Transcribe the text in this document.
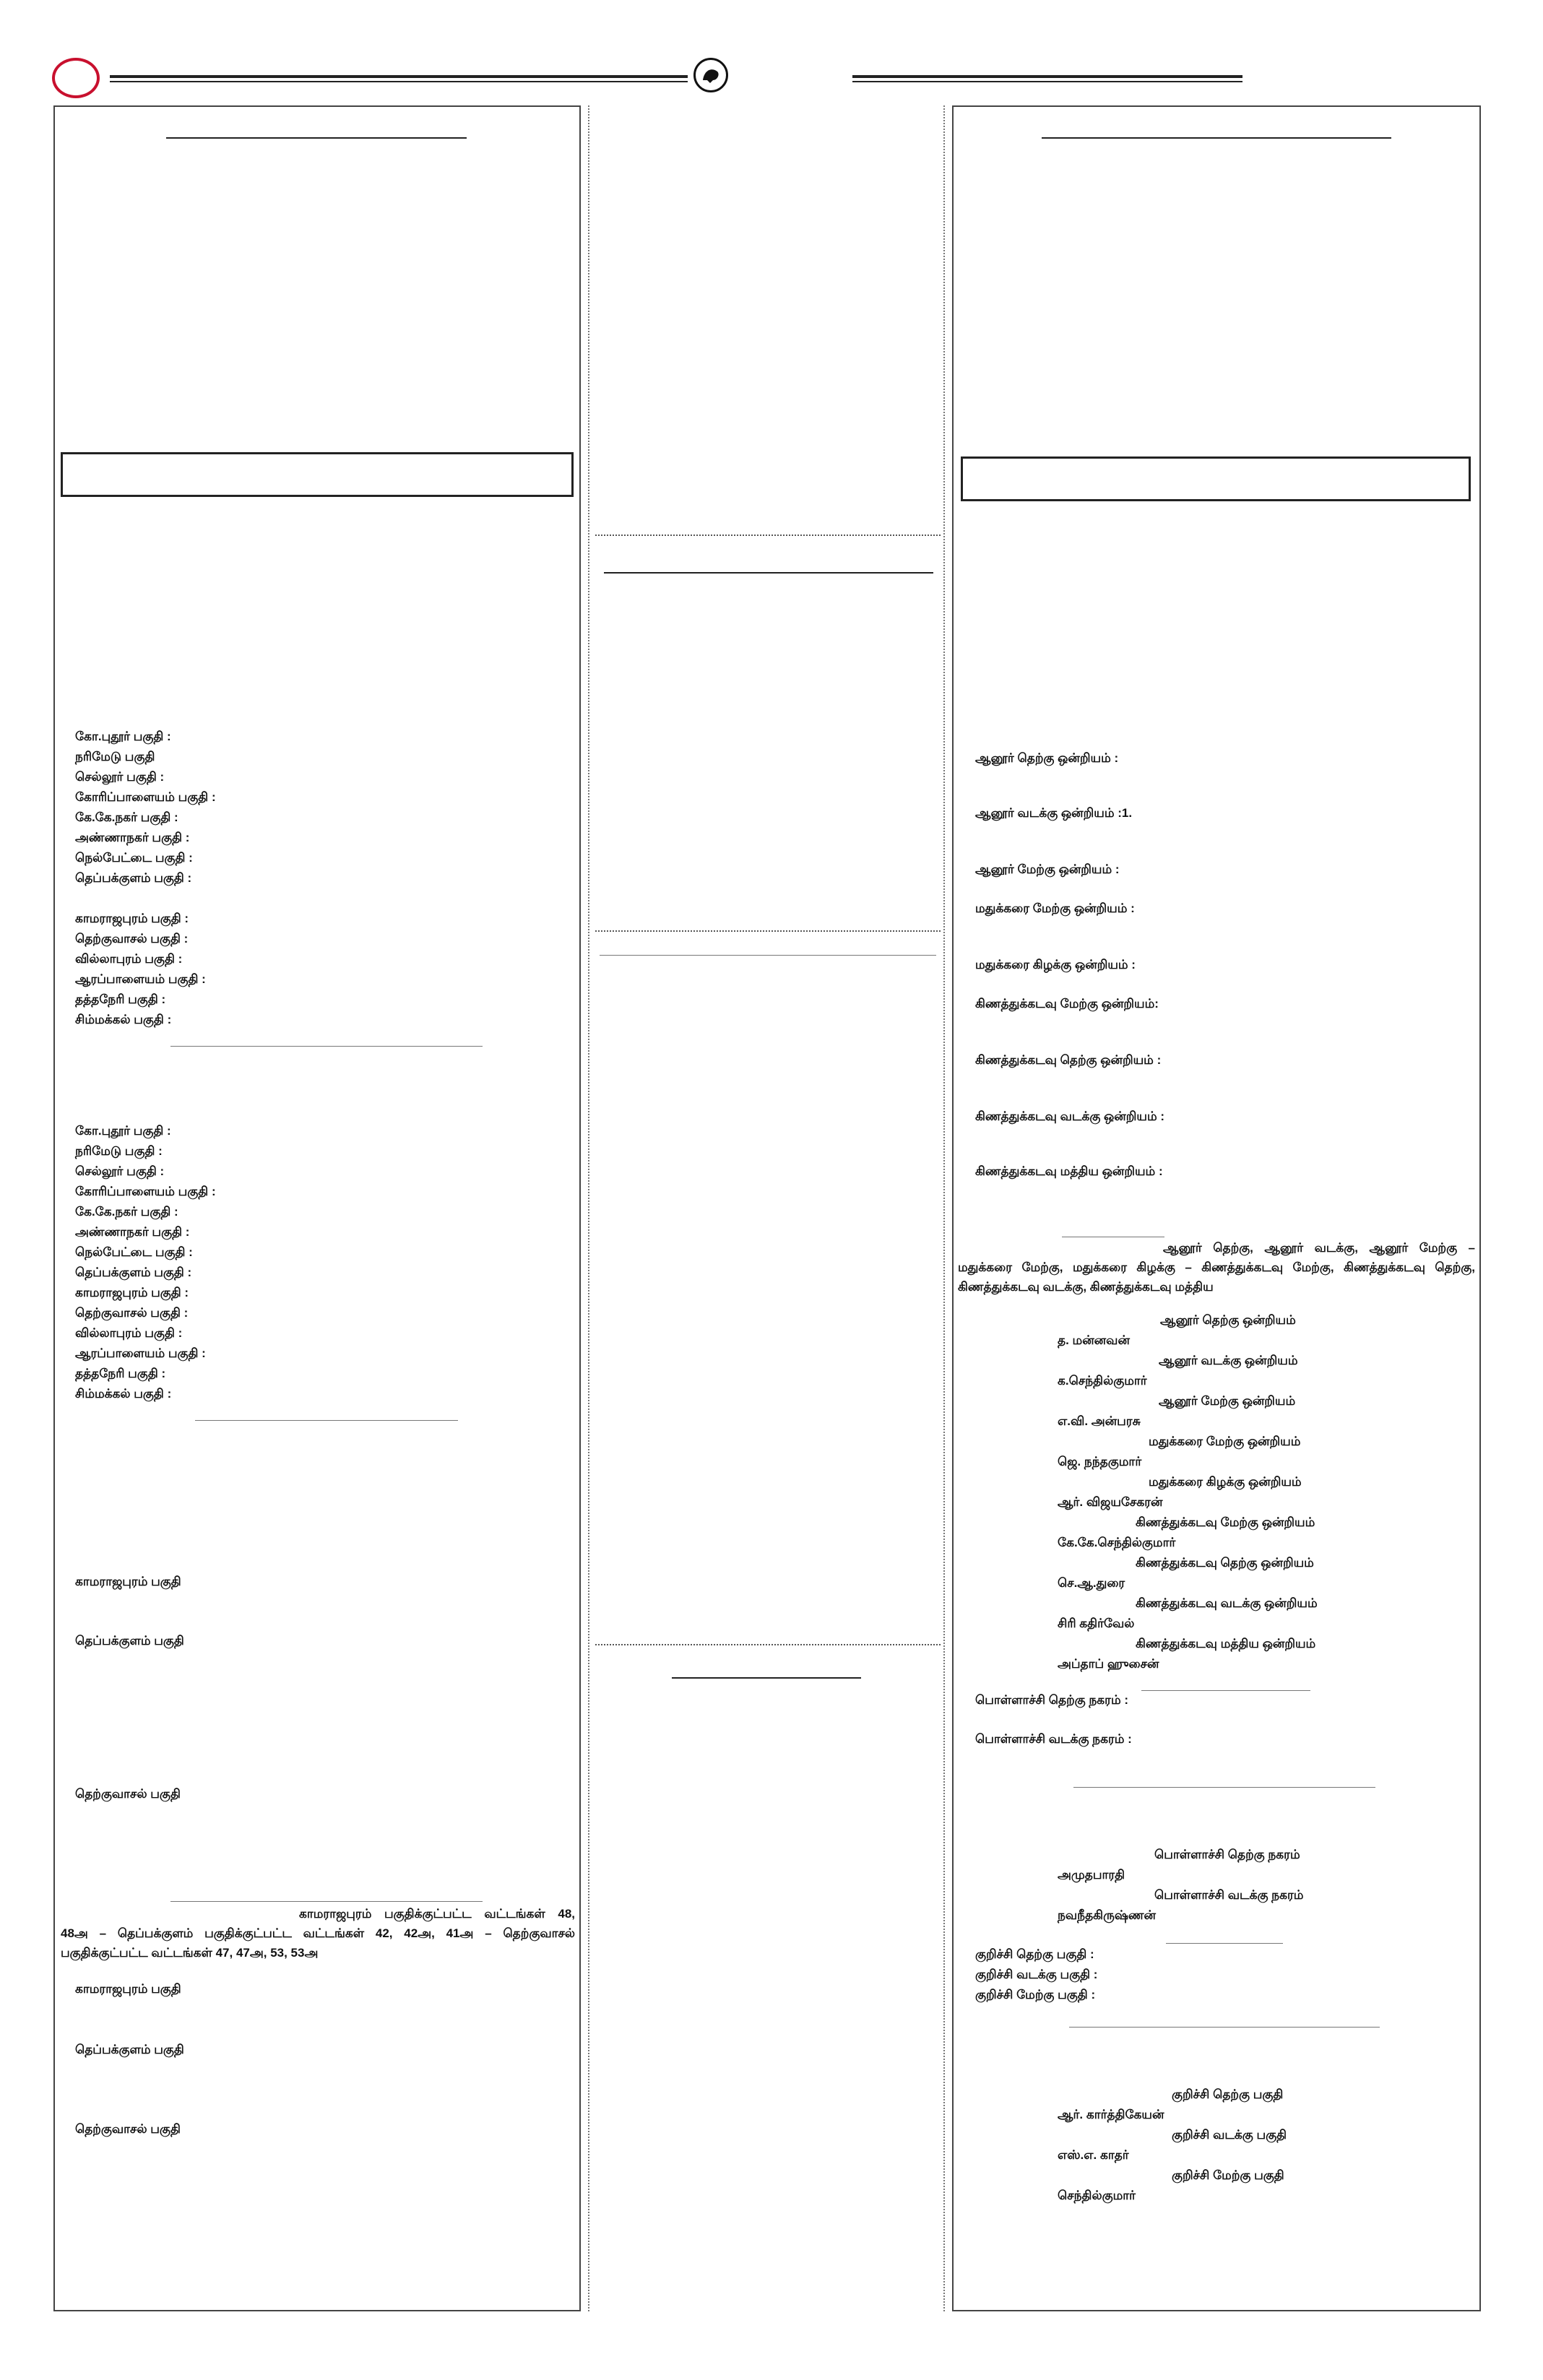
கோ.புதூர் பகுதி :
நரிமேடு பகுதி
செல்லூர் பகுதி :
கோரிப்பாளையம் பகுதி :
கே.கே.நகர் பகுதி :
அண்ணாநகர் பகுதி :
நெல்பேட்டை பகுதி :
தெப்பக்குளம் பகுதி :
காமராஜபுரம் பகுதி :
தெற்குவாசல் பகுதி :
வில்லாபுரம் பகுதி :
ஆரப்பாளையம் பகுதி :
தத்தநேரி பகுதி :
சிம்மக்கல் பகுதி :
கோ.புதூர் பகுதி :
நரிமேடு பகுதி :
செல்லூர் பகுதி :
கோரிப்பாளையம் பகுதி :
கே.கே.நகர் பகுதி :
அண்ணாநகர் பகுதி :
நெல்பேட்டை பகுதி :
தெப்பக்குளம் பகுதி :
காமராஜபுரம் பகுதி :
தெற்குவாசல் பகுதி :
வில்லாபுரம் பகுதி :
ஆரப்பாளையம் பகுதி :
தத்தநேரி பகுதி :
சிம்மக்கல் பகுதி :
காமராஜபுரம் பகுதி
தெப்பக்குளம் பகுதி
தெற்குவாசல் பகுதி
காமராஜபுரம் பகுதிக்குட்பட்ட வட்டங்கள் 48, 48அ – தெப்பக்குளம் பகுதிக்குட்பட்ட வட்டங்கள் 42, 42அ, 41அ – தெற்குவாசல் பகுதிக்குட்பட்ட வட்டங்கள் 47, 47அ, 53, 53அ
காமராஜபுரம் பகுதி
தெப்பக்குளம் பகுதி
தெற்குவாசல் பகுதி
ஆனூர் தெற்கு ஒன்றியம் :
ஆனூர் வடக்கு ஒன்றியம் :1.
ஆனூர் மேற்கு ஒன்றியம் :
மதுக்கரை மேற்கு ஒன்றியம் :
மதுக்கரை கிழக்கு ஒன்றியம் :
கிணத்துக்கடவு மேற்கு ஒன்றியம்:
கிணத்துக்கடவு தெற்கு ஒன்றியம் :
கிணத்துக்கடவு வடக்கு ஒன்றியம் :
கிணத்துக்கடவு மத்திய ஒன்றியம் :
ஆனூர் தெற்கு, ஆனூர் வடக்கு, ஆனூர் மேற்கு – மதுக்கரை மேற்கு, மதுக்கரை கிழக்கு – கிணத்துக்கடவு மேற்கு, கிணத்துக்கடவு தெற்கு, கிணத்துக்கடவு வடக்கு, கிணத்துக்கடவு மத்திய
ஆனூர் தெற்கு ஒன்றியம்
த. மன்னவன்
ஆனூர் வடக்கு ஒன்றியம்
க.செந்தில்குமார்
ஆனூர் மேற்கு ஒன்றியம்
எ.வி. அன்பரசு
மதுக்கரை மேற்கு ஒன்றியம்
ஜெ. நந்தகுமார்
மதுக்கரை கிழக்கு ஒன்றியம்
ஆர். விஜயசேகரன்
கிணத்துக்கடவு மேற்கு ஒன்றியம்
கே.கே.செந்தில்குமார்
கிணத்துக்கடவு தெற்கு ஒன்றியம்
செ.ஆ.துரை
கிணத்துக்கடவு வடக்கு ஒன்றியம்
சிரி கதிர்வேல்
கிணத்துக்கடவு மத்திய ஒன்றியம்
அப்தாப் ஹுசைன்
பொள்ளாச்சி தெற்கு நகரம் :
பொள்ளாச்சி வடக்கு நகரம் :
பொள்ளாச்சி தெற்கு நகரம்
அமுதபாரதி
பொள்ளாச்சி வடக்கு நகரம்
நவநீதகிருஷ்ணன்
குறிச்சி தெற்கு பகுதி :
குறிச்சி வடக்கு பகுதி :
குறிச்சி மேற்கு பகுதி :
குறிச்சி தெற்கு பகுதி
ஆர். கார்த்திகேயன்
குறிச்சி வடக்கு பகுதி
எஸ்.எ. காதர்
குறிச்சி மேற்கு பகுதி
செந்தில்குமார்
